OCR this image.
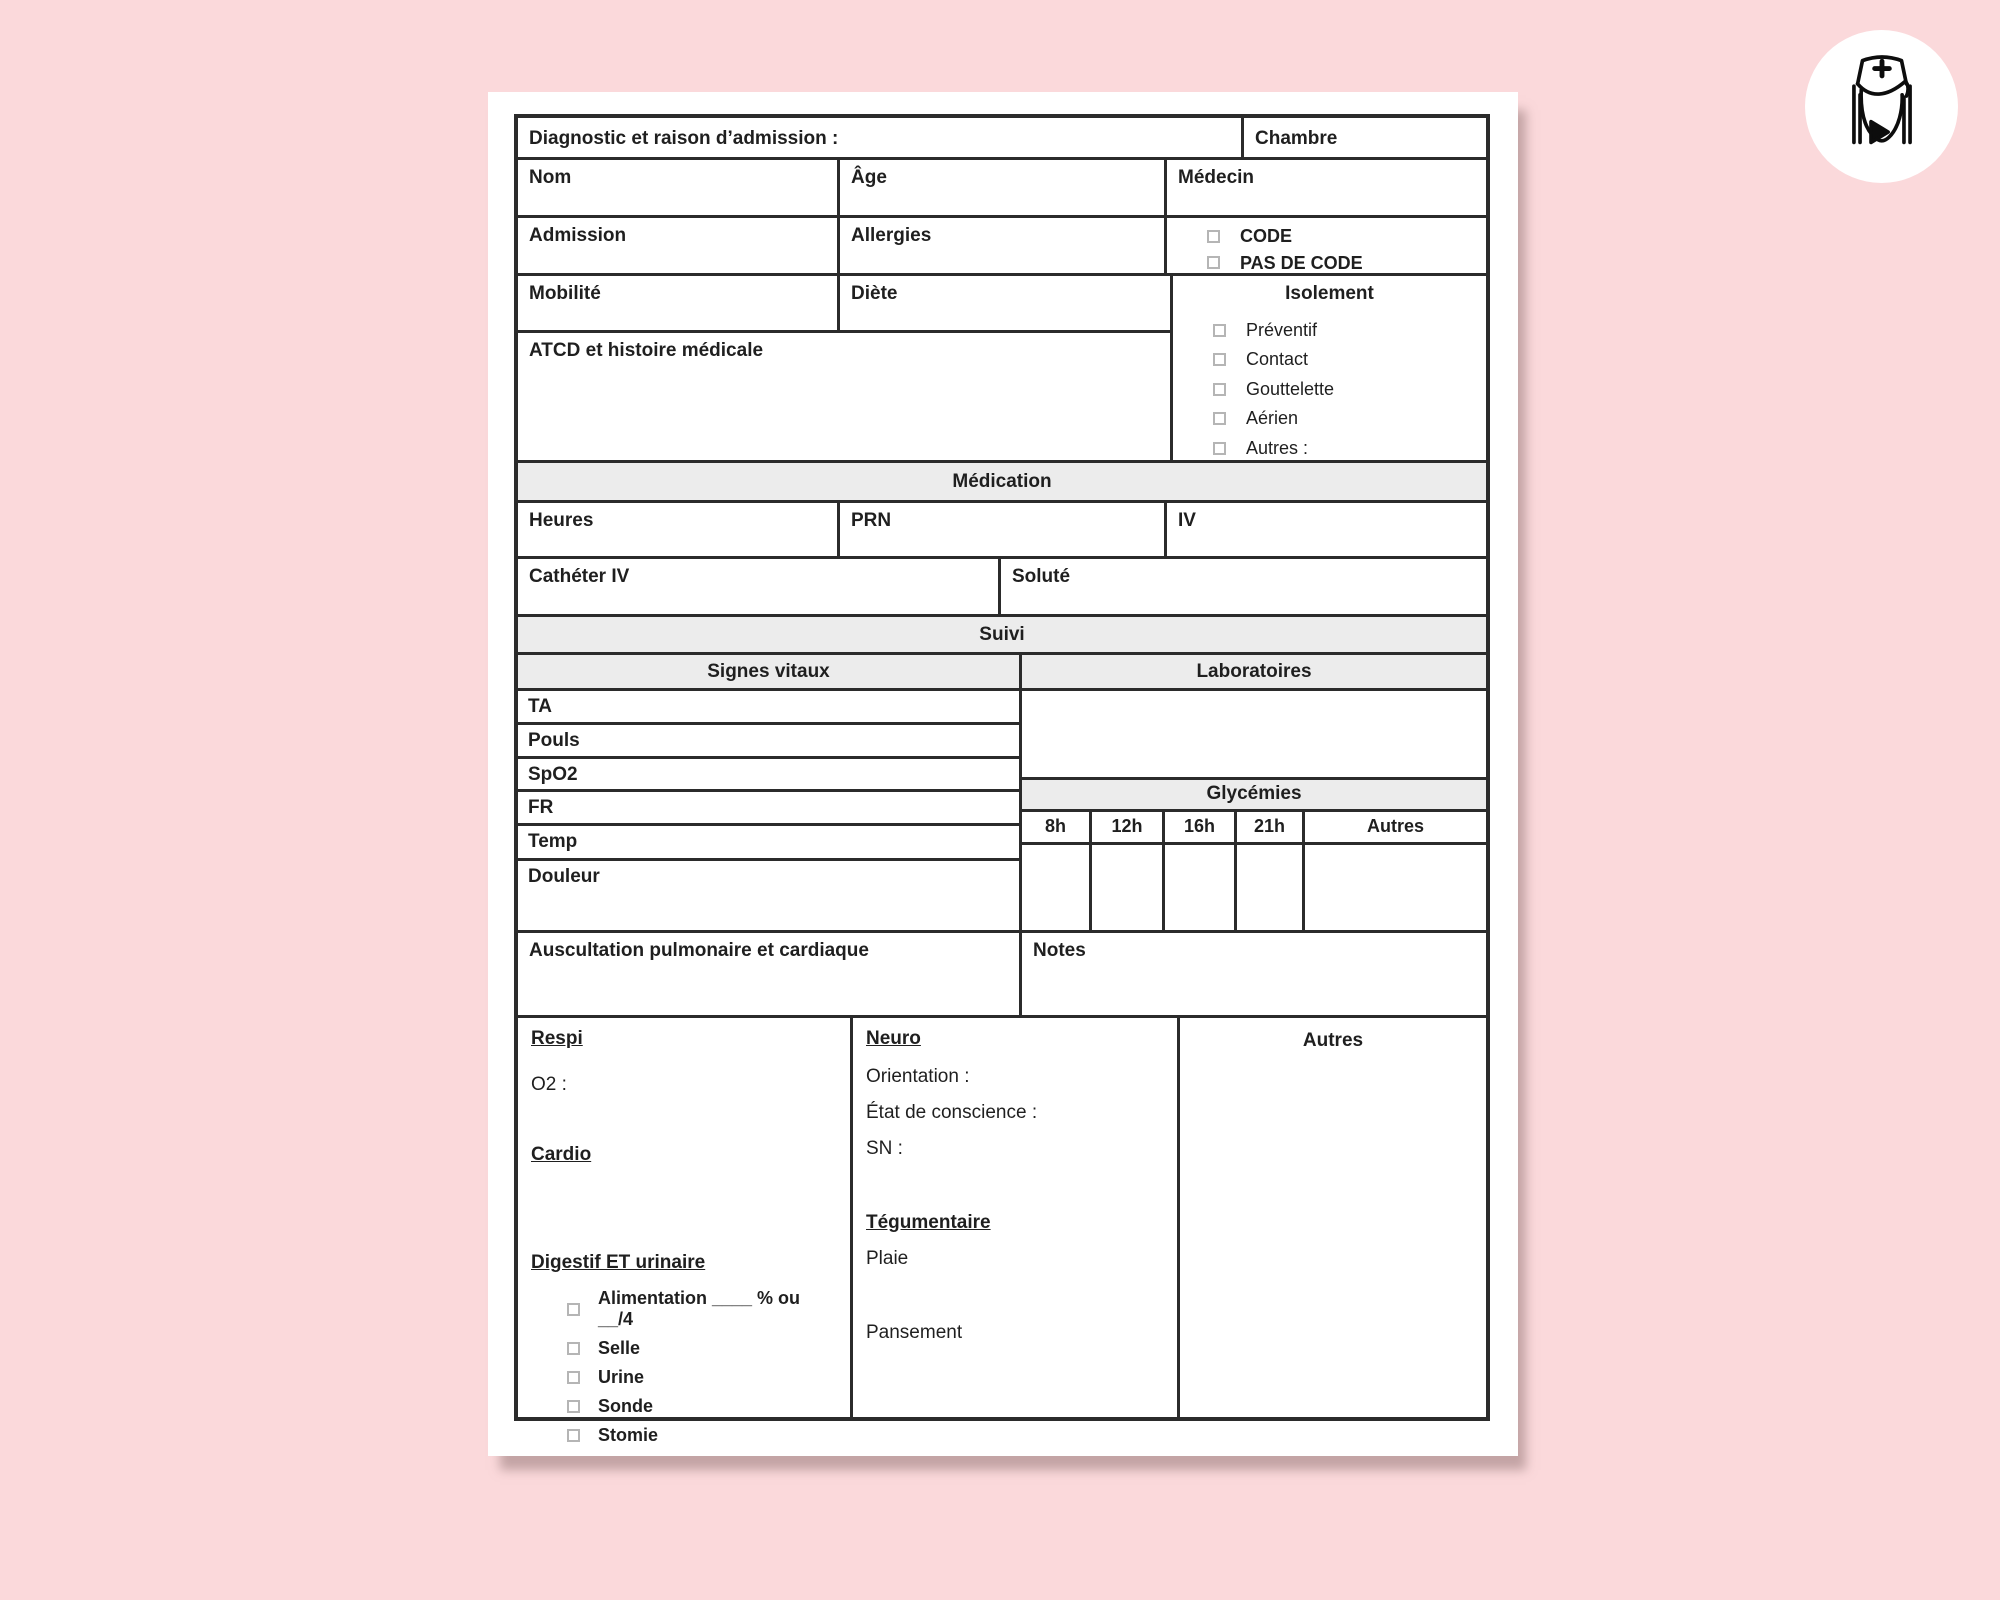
Diagnostic et raison d’admission :	Chambre
Nom	Âge	Médecin
Admission	Allergies	CODE
PAS DE CODE
Mobilité	Diète
ATCD et histoire médicale
Isolement
Préventif
Contact
Gouttelette
Aérien
Autres :
Médication
Heures	PRN	IV
Cathéter IV	Soluté
Suivi
Signes vitaux
TA
Pouls
SpO2
FR
Temp
Douleur
Laboratoires
Glycémies
8h	12h	16h	21h	Autres
Auscultation pulmonaire et cardiaque	Notes
Respi
O2 :
Cardio
Digestif ET urinaire
Alimentation ____ % ou __/4
Selle
Urine
Sonde
Stomie
Neuro
Orientation :
État de conscience :
SN :
Tégumentaire
Plaie
Pansement
Autres
